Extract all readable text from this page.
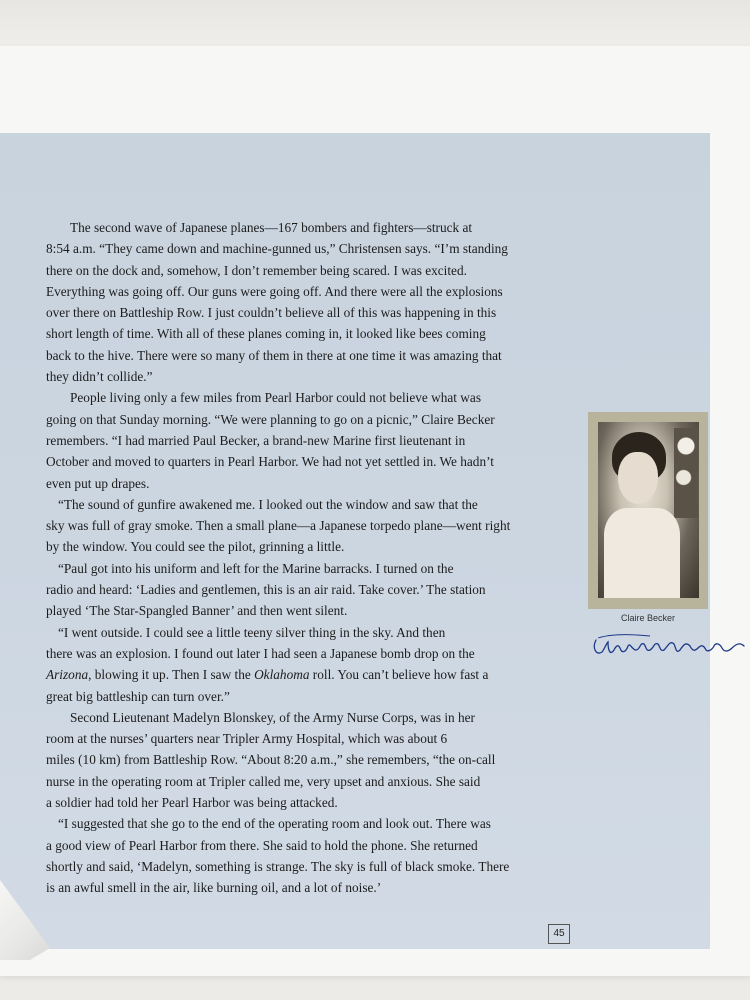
The second wave of Japanese planes—167 bombers and fighters—struck at
8:54 a.m. “They came down and machine-gunned us,” Christensen says. “I’m standing
there on the dock and, somehow, I don’t remember being scared. I was excited.
Everything was going off. Our guns were going off. And there were all the explosions
over there on Battleship Row. I just couldn’t believe all of this was happening in this
short length of time. With all of these planes coming in, it looked like bees coming
back to the hive. There were so many of them in there at one time it was amazing that
they didn’t collide.”
People living only a few miles from Pearl Harbor could not believe what was
going on that Sunday morning. “We were planning to go on a picnic,” Claire Becker
remembers. “I had married Paul Becker, a brand-new Marine first lieutenant in
October and moved to quarters in Pearl Harbor. We had not yet settled in. We hadn’t
even put up drapes.
“The sound of gunfire awakened me. I looked out the window and saw that the
sky was full of gray smoke. Then a small plane—a Japanese torpedo plane—went right
by the window. You could see the pilot, grinning a little.
“Paul got into his uniform and left for the Marine barracks. I turned on the
radio and heard: ‘Ladies and gentlemen, this is an air raid. Take cover.’ The station
played ‘The Star-Spangled Banner’ and then went silent.
“I went outside. I could see a little teeny silver thing in the sky. And then
there was an explosion. I found out later I had seen a Japanese bomb drop on the
Arizona, blowing it up. Then I saw the Oklahoma roll. You can’t believe how fast a
great big battleship can turn over.”
Second Lieutenant Madelyn Blonskey, of the Army Nurse Corps, was in her
room at the nurses’ quarters near Tripler Army Hospital, which was about 6
miles (10 km) from Battleship Row. “About 8:20 a.m.,” she remembers, “the on-call
nurse in the operating room at Tripler called me, very upset and anxious. She said
a soldier had told her Pearl Harbor was being attacked.
“I suggested that she go to the end of the operating room and look out. There was
a good view of Pearl Harbor from there. She said to hold the phone. She returned
shortly and said, ‘Madelyn, something is strange. The sky is full of black smoke. There
is an awful smell in the air, like burning oil, and a lot of noise.’
Claire Becker
45
